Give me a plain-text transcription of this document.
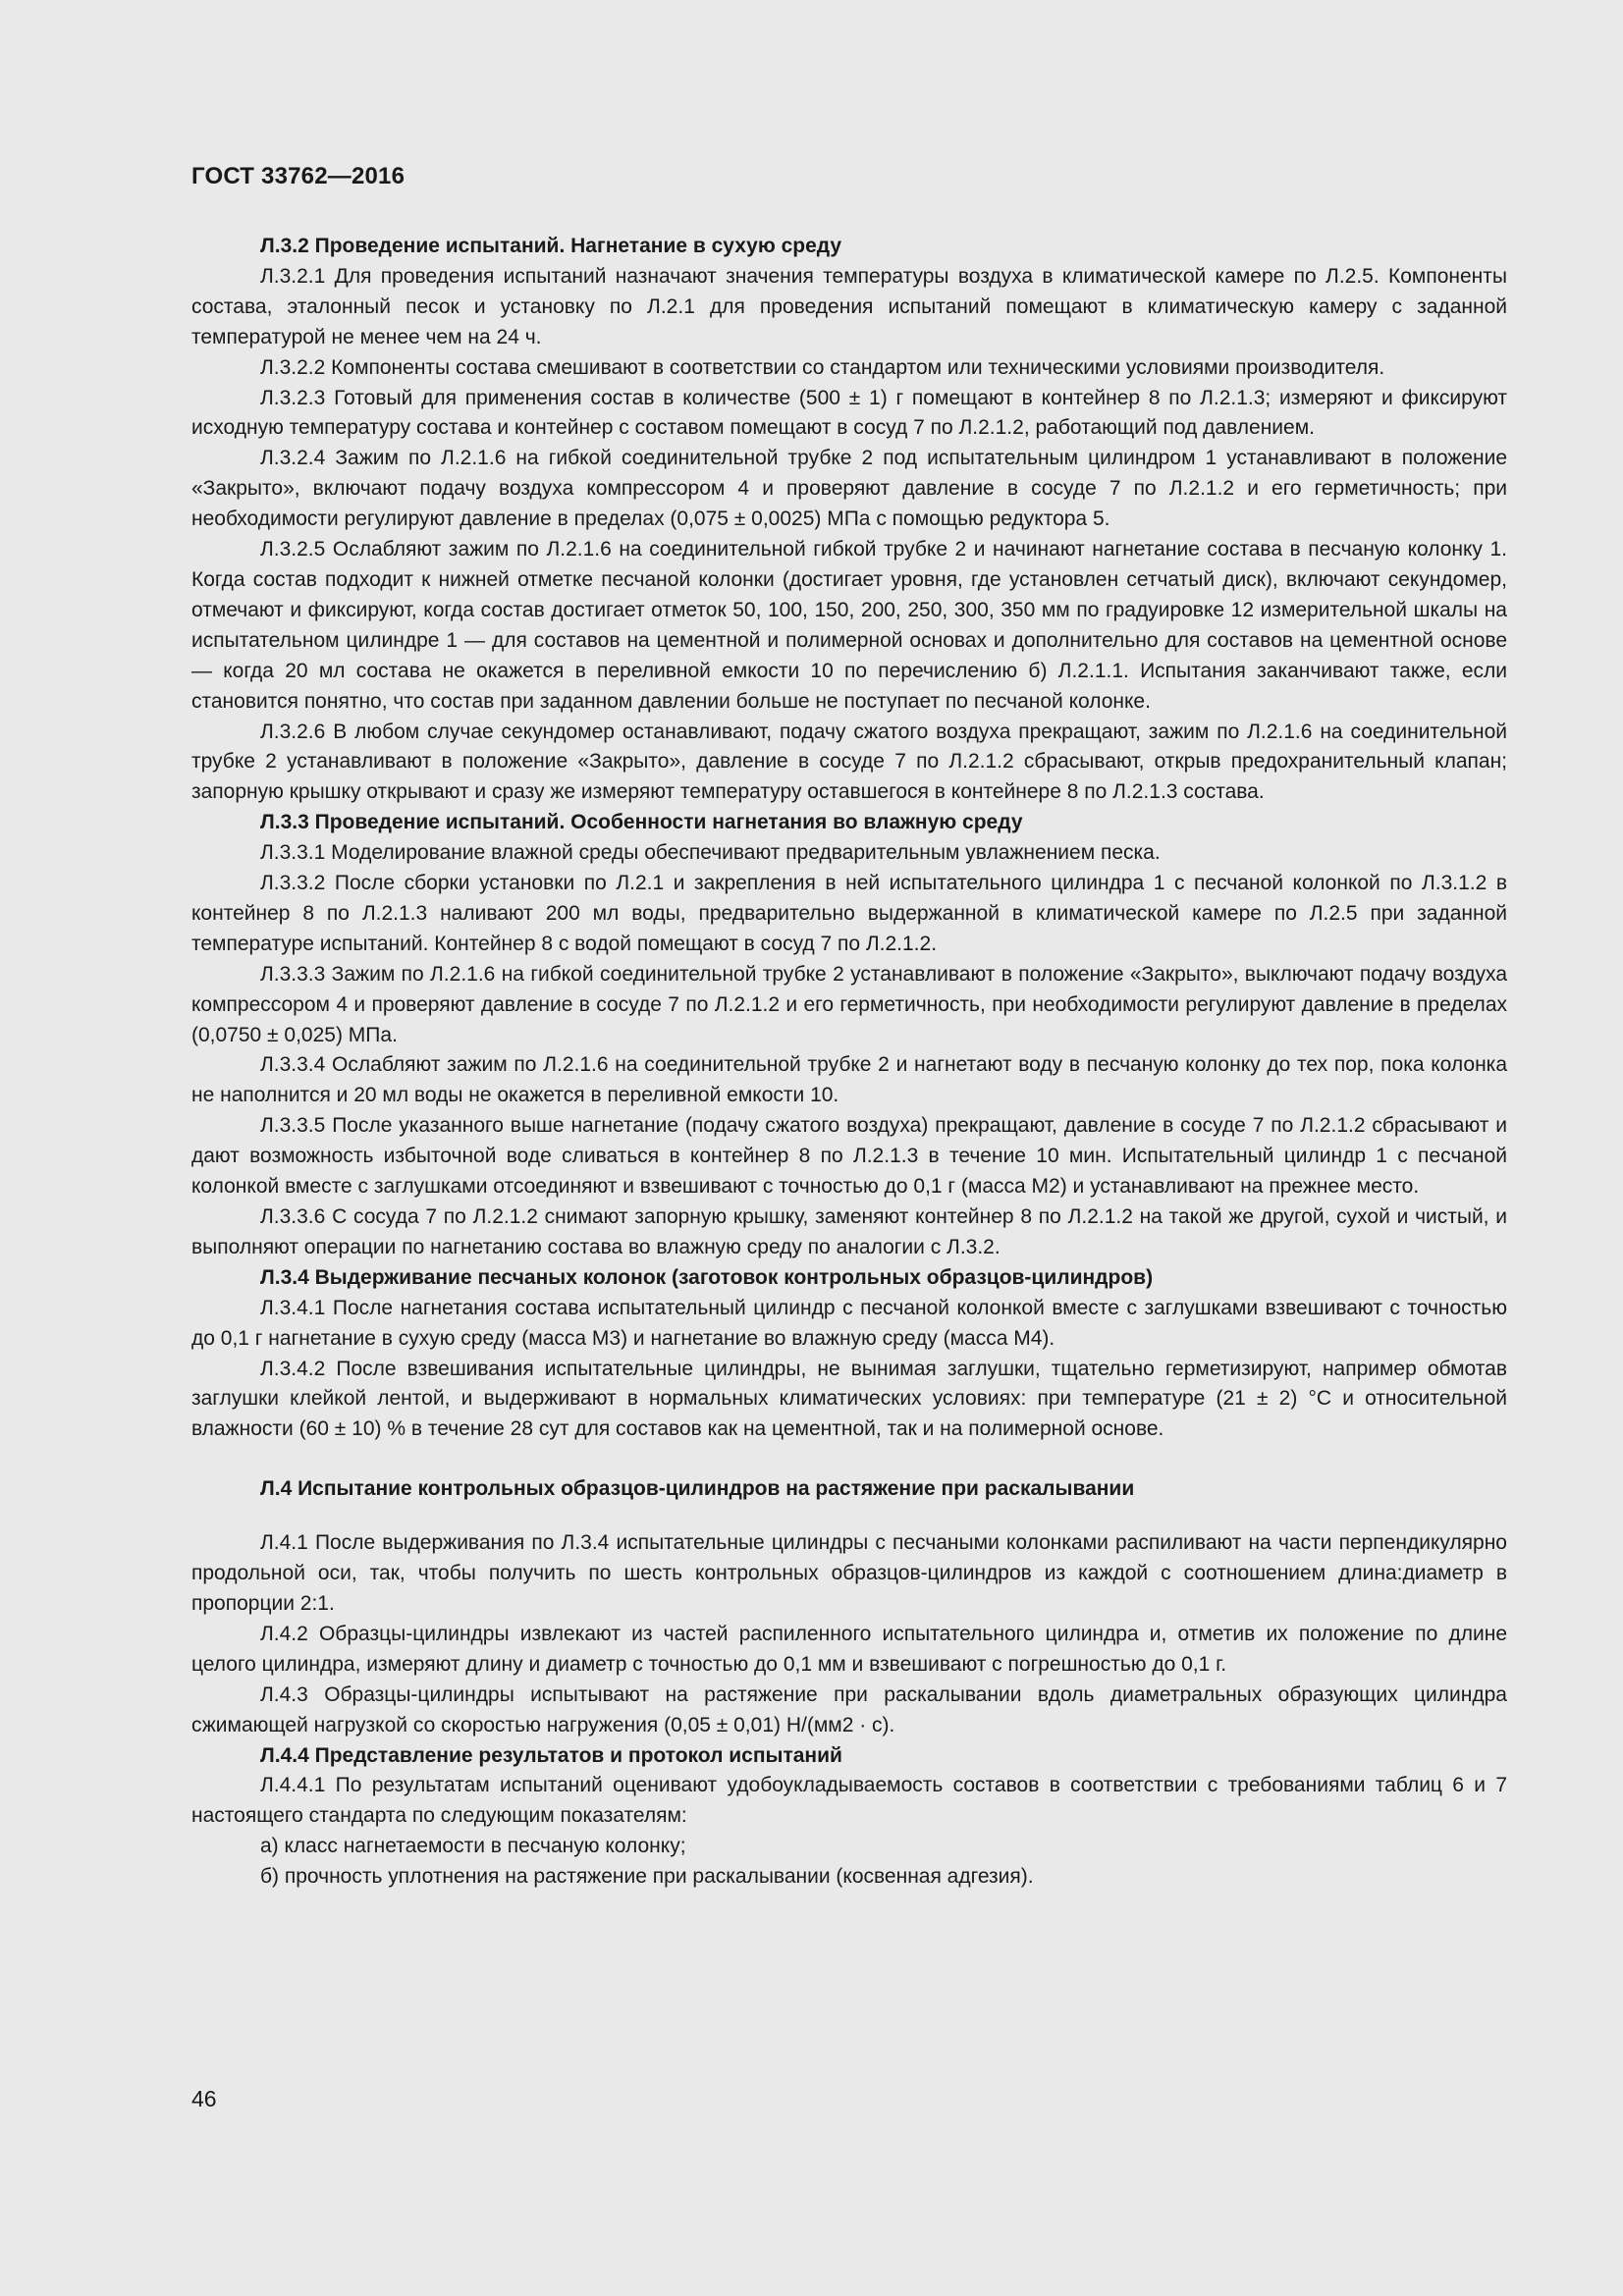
ГОСТ 33762—2016

Л.3.2 Проведение испытаний. Нагнетание в сухую среду

Л.3.2.1 Для проведения испытаний назначают значения температуры воздуха в климатической камере по Л.2.5. Компоненты состава, эталонный песок и установку по Л.2.1 для проведения испытаний помещают в климатическую камеру с заданной температурой не менее чем на 24 ч.

Л.3.2.2 Компоненты состава смешивают в соответствии со стандартом или техническими условиями производителя.

Л.3.2.3 Готовый для применения состав в количестве (500 ± 1) г помещают в контейнер 8 по Л.2.1.3; измеряют и фиксируют исходную температуру состава и контейнер с составом помещают в сосуд 7 по Л.2.1.2, работающий под давлением.

Л.3.2.4 Зажим по Л.2.1.6 на гибкой соединительной трубке 2 под испытательным цилиндром 1 устанавливают в положение «Закрыто», включают подачу воздуха компрессором 4 и проверяют давление в сосуде 7 по Л.2.1.2 и его герметичность; при необходимости регулируют давление в пределах (0,075 ± 0,0025) МПа с помощью редуктора 5.

Л.3.2.5 Ослабляют зажим по Л.2.1.6 на соединительной гибкой трубке 2 и начинают нагнетание состава в песчаную колонку 1. Когда состав подходит к нижней отметке песчаной колонки (достигает уровня, где установлен сетчатый диск), включают секундомер, отмечают и фиксируют, когда состав достигает отметок 50, 100, 150, 200, 250, 300, 350 мм по градуировке 12 измерительной шкалы на испытательном цилиндре 1 — для составов на цементной и полимерной основах и дополнительно для составов на цементной основе — когда 20 мл состава не окажется в переливной емкости 10 по перечислению б) Л.2.1.1. Испытания заканчивают также, если становится понятно, что состав при заданном давлении больше не поступает по песчаной колонке.

Л.3.2.6 В любом случае секундомер останавливают, подачу сжатого воздуха прекращают, зажим по Л.2.1.6 на соединительной трубке 2 устанавливают в положение «Закрыто», давление в сосуде 7 по Л.2.1.2 сбрасывают, открыв предохранительный клапан; запорную крышку открывают и сразу же измеряют температуру оставшегося в контейнере 8 по Л.2.1.3 состава.

Л.3.3 Проведение испытаний. Особенности нагнетания во влажную среду

Л.3.3.1 Моделирование влажной среды обеспечивают предварительным увлажнением песка.

Л.3.3.2 После сборки установки по Л.2.1 и закрепления в ней испытательного цилиндра 1 с песчаной колонкой по Л.3.1.2 в контейнер 8 по Л.2.1.3 наливают 200 мл воды, предварительно выдержанной в климатической камере по Л.2.5 при заданной температуре испытаний. Контейнер 8 с водой помещают в сосуд 7 по Л.2.1.2.

Л.3.3.3 Зажим по Л.2.1.6 на гибкой соединительной трубке 2 устанавливают в положение «Закрыто», выключают подачу воздуха компрессором 4 и проверяют давление в сосуде 7 по Л.2.1.2 и его герметичность, при необходимости регулируют давление в пределах (0,0750 ± 0,025) МПа.

Л.3.3.4 Ослабляют зажим по Л.2.1.6 на соединительной трубке 2 и нагнетают воду в песчаную колонку до тех пор, пока колонка не наполнится и 20 мл воды не окажется в переливной емкости 10.

Л.3.3.5 После указанного выше нагнетание (подачу сжатого воздуха) прекращают, давление в сосуде 7 по Л.2.1.2 сбрасывают и дают возможность избыточной воде сливаться в контейнер 8 по Л.2.1.3 в течение 10 мин. Испытательный цилиндр 1 с песчаной колонкой вместе с заглушками отсоединяют и взвешивают с точностью до 0,1 г (масса M2) и устанавливают на прежнее место.

Л.3.3.6 С сосуда 7 по Л.2.1.2 снимают запорную крышку, заменяют контейнер 8 по Л.2.1.2 на такой же другой, сухой и чистый, и выполняют операции по нагнетанию состава во влажную среду по аналогии с Л.3.2.

Л.3.4 Выдерживание песчаных колонок (заготовок контрольных образцов-цилиндров)

Л.3.4.1 После нагнетания состава испытательный цилиндр с песчаной колонкой вместе с заглушками взвешивают с точностью до 0,1 г нагнетание в сухую среду (масса M3) и нагнетание во влажную среду (масса M4).

Л.3.4.2 После взвешивания испытательные цилиндры, не вынимая заглушки, тщательно герметизируют, например обмотав заглушки клейкой лентой, и выдерживают в нормальных климатических условиях: при температуре (21 ± 2) °С и относительной влажности (60 ± 10) % в течение 28 сут для составов как на цементной, так и на полимерной основе.

Л.4 Испытание контрольных образцов-цилиндров на растяжение при раскалывании

Л.4.1 После выдерживания по Л.3.4 испытательные цилиндры с песчаными колонками распиливают на части перпендикулярно продольной оси, так, чтобы получить по шесть контрольных образцов-цилиндров из каждой с соотношением длина:диаметр в пропорции 2:1.

Л.4.2 Образцы-цилиндры извлекают из частей распиленного испытательного цилиндра и, отметив их положение по длине целого цилиндра, измеряют длину и диаметр с точностью до 0,1 мм и взвешивают с погрешностью до 0,1 г.

Л.4.3 Образцы-цилиндры испытывают на растяжение при раскалывании вдоль диаметральных образующих цилиндра сжимающей нагрузкой со скоростью нагружения (0,05 ± 0,01) Н/(мм2 · с).

Л.4.4 Представление результатов и протокол испытаний

Л.4.4.1 По результатам испытаний оценивают удобоукладываемость составов в соответствии с требованиями таблиц 6 и 7 настоящего стандарта по следующим показателям:

а) класс нагнетаемости в песчаную колонку;

б) прочность уплотнения на растяжение при раскалывании (косвенная адгезия).

46
